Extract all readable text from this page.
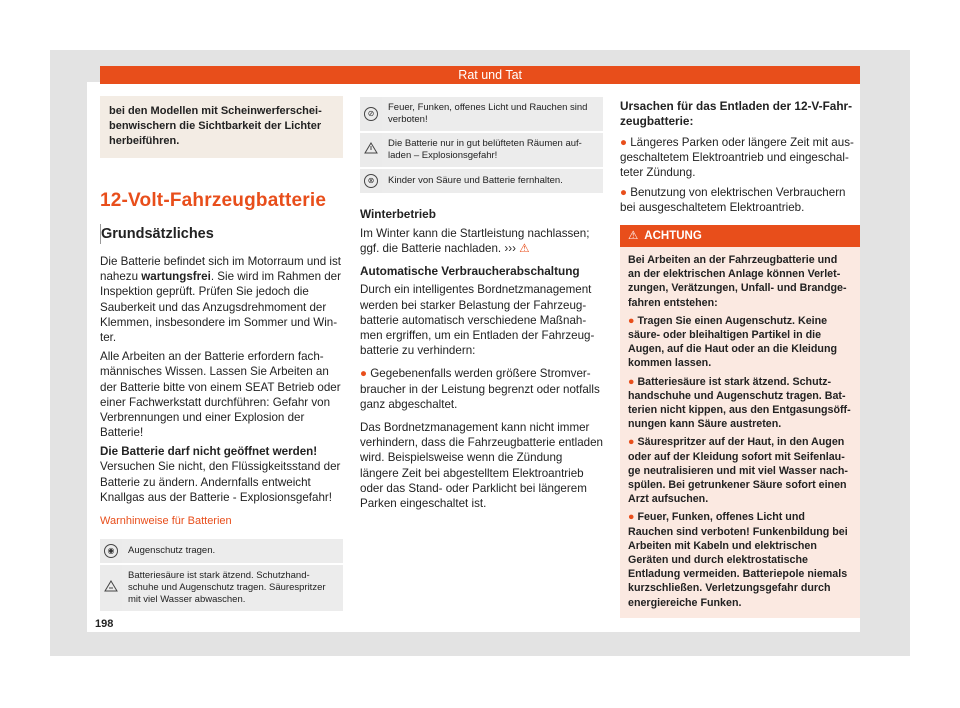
Rat und Tat
bei den Modellen mit Scheinwerferscheibenwischern die Sichtbarkeit der Lichter herbeiführen.
12-Volt-Fahrzeugbatterie
Grundsätzliches

Die Batterie befindet sich im Motorraum und ist nahezu wartungsfrei. Sie wird im Rahmen der Inspektion geprüft. Prüfen Sie jedoch die Sauberkeit und das Anzugsdrehmoment der Klemmen, insbesondere im Sommer und Winter.

Alle Arbeiten an der Batterie erfordern fachmännisches Wissen. Lassen Sie Arbeiten an der Batterie bitte von einem SEAT Betrieb oder einer Fachwerkstatt durchführen: Gefahr von Verbrennungen und einer Explosion der Batterie!

Die Batterie darf nicht geöffnet werden!

Versuchen Sie nicht, den Flüssigkeitsstand der Batterie zu ändern. Andernfalls entweicht Knallgas aus der Batterie - Explosionsgefahr!

Warnhinweise für Batterien

◉	Augenschutz tragen.
	Batteriesäure ist stark ätzend. Schutzhandschuhe und Augenschutz tragen. Säurespritzer mit viel Wasser abwaschen.
⊘	Feuer, Funken, offenes Licht und Rauchen sind verboten!
	Die Batterie nur in gut belüfteten Räumen aufladen – Explosionsgefahr!
⊗	Kinder von Säure und Batterie fernhalten.

Winterbetrieb

Im Winter kann die Startleistung nachlassen; ggf. die Batterie nachladen. ››› ⚠

Automatische Verbraucherabschaltung

Durch ein intelligentes Bordnetzmanagement werden bei starker Belastung der Fahrzeugbatterie automatisch verschiedene Maßnahmen ergriffen, um ein Entladen der Fahrzeugbatterie zu verhindern:

● Gegebenenfalls werden größere Stromverbraucher in der Leistung begrenzt oder notfalls ganz abgeschaltet.

Das Bordnetzmanagement kann nicht immer verhindern, dass die Fahrzeugbatterie entladen wird. Beispielsweise wenn die Zündung längere Zeit bei abgestelltem Elektroantrieb oder das Stand- oder Parklicht bei längerem Parken eingeschaltet ist.

Ursachen für das Entladen der 12-V-Fahrzeugbatterie:

● Längeres Parken oder längere Zeit mit ausgeschaltetem Elektroantrieb und eingeschalteter Zündung.

● Benutzung von elektrischen Verbrauchern bei ausgeschaltetem Elektroantrieb.

⚠ ACHTUNG

Bei Arbeiten an der Fahrzeugbatterie und an der elektrischen Anlage können Verletzungen, Verätzungen, Unfall- und Brandgefahren entstehen:

● Tragen Sie einen Augenschutz. Keine säure- oder bleihaltigen Partikel in die Augen, auf die Haut oder an die Kleidung kommen lassen.

● Batteriesäure ist stark ätzend. Schutzhandschuhe und Augenschutz tragen. Batterien nicht kippen, aus den Entgasungsöffnungen kann Säure austreten.

● Säurespritzer auf der Haut, in den Augen oder auf der Kleidung sofort mit Seifenlauge neutralisieren und mit viel Wasser nachspülen. Bei getrunkener Säure sofort einen Arzt aufsuchen.

● Feuer, Funken, offenes Licht und Rauchen sind verboten! Funkenbildung bei Arbeiten mit Kabeln und elektrischen Geräten und durch elektrostatische Entladung vermeiden. Batteriepole niemals kurzschließen. Verletzungsgefahr durch energiereiche Funken.

198
